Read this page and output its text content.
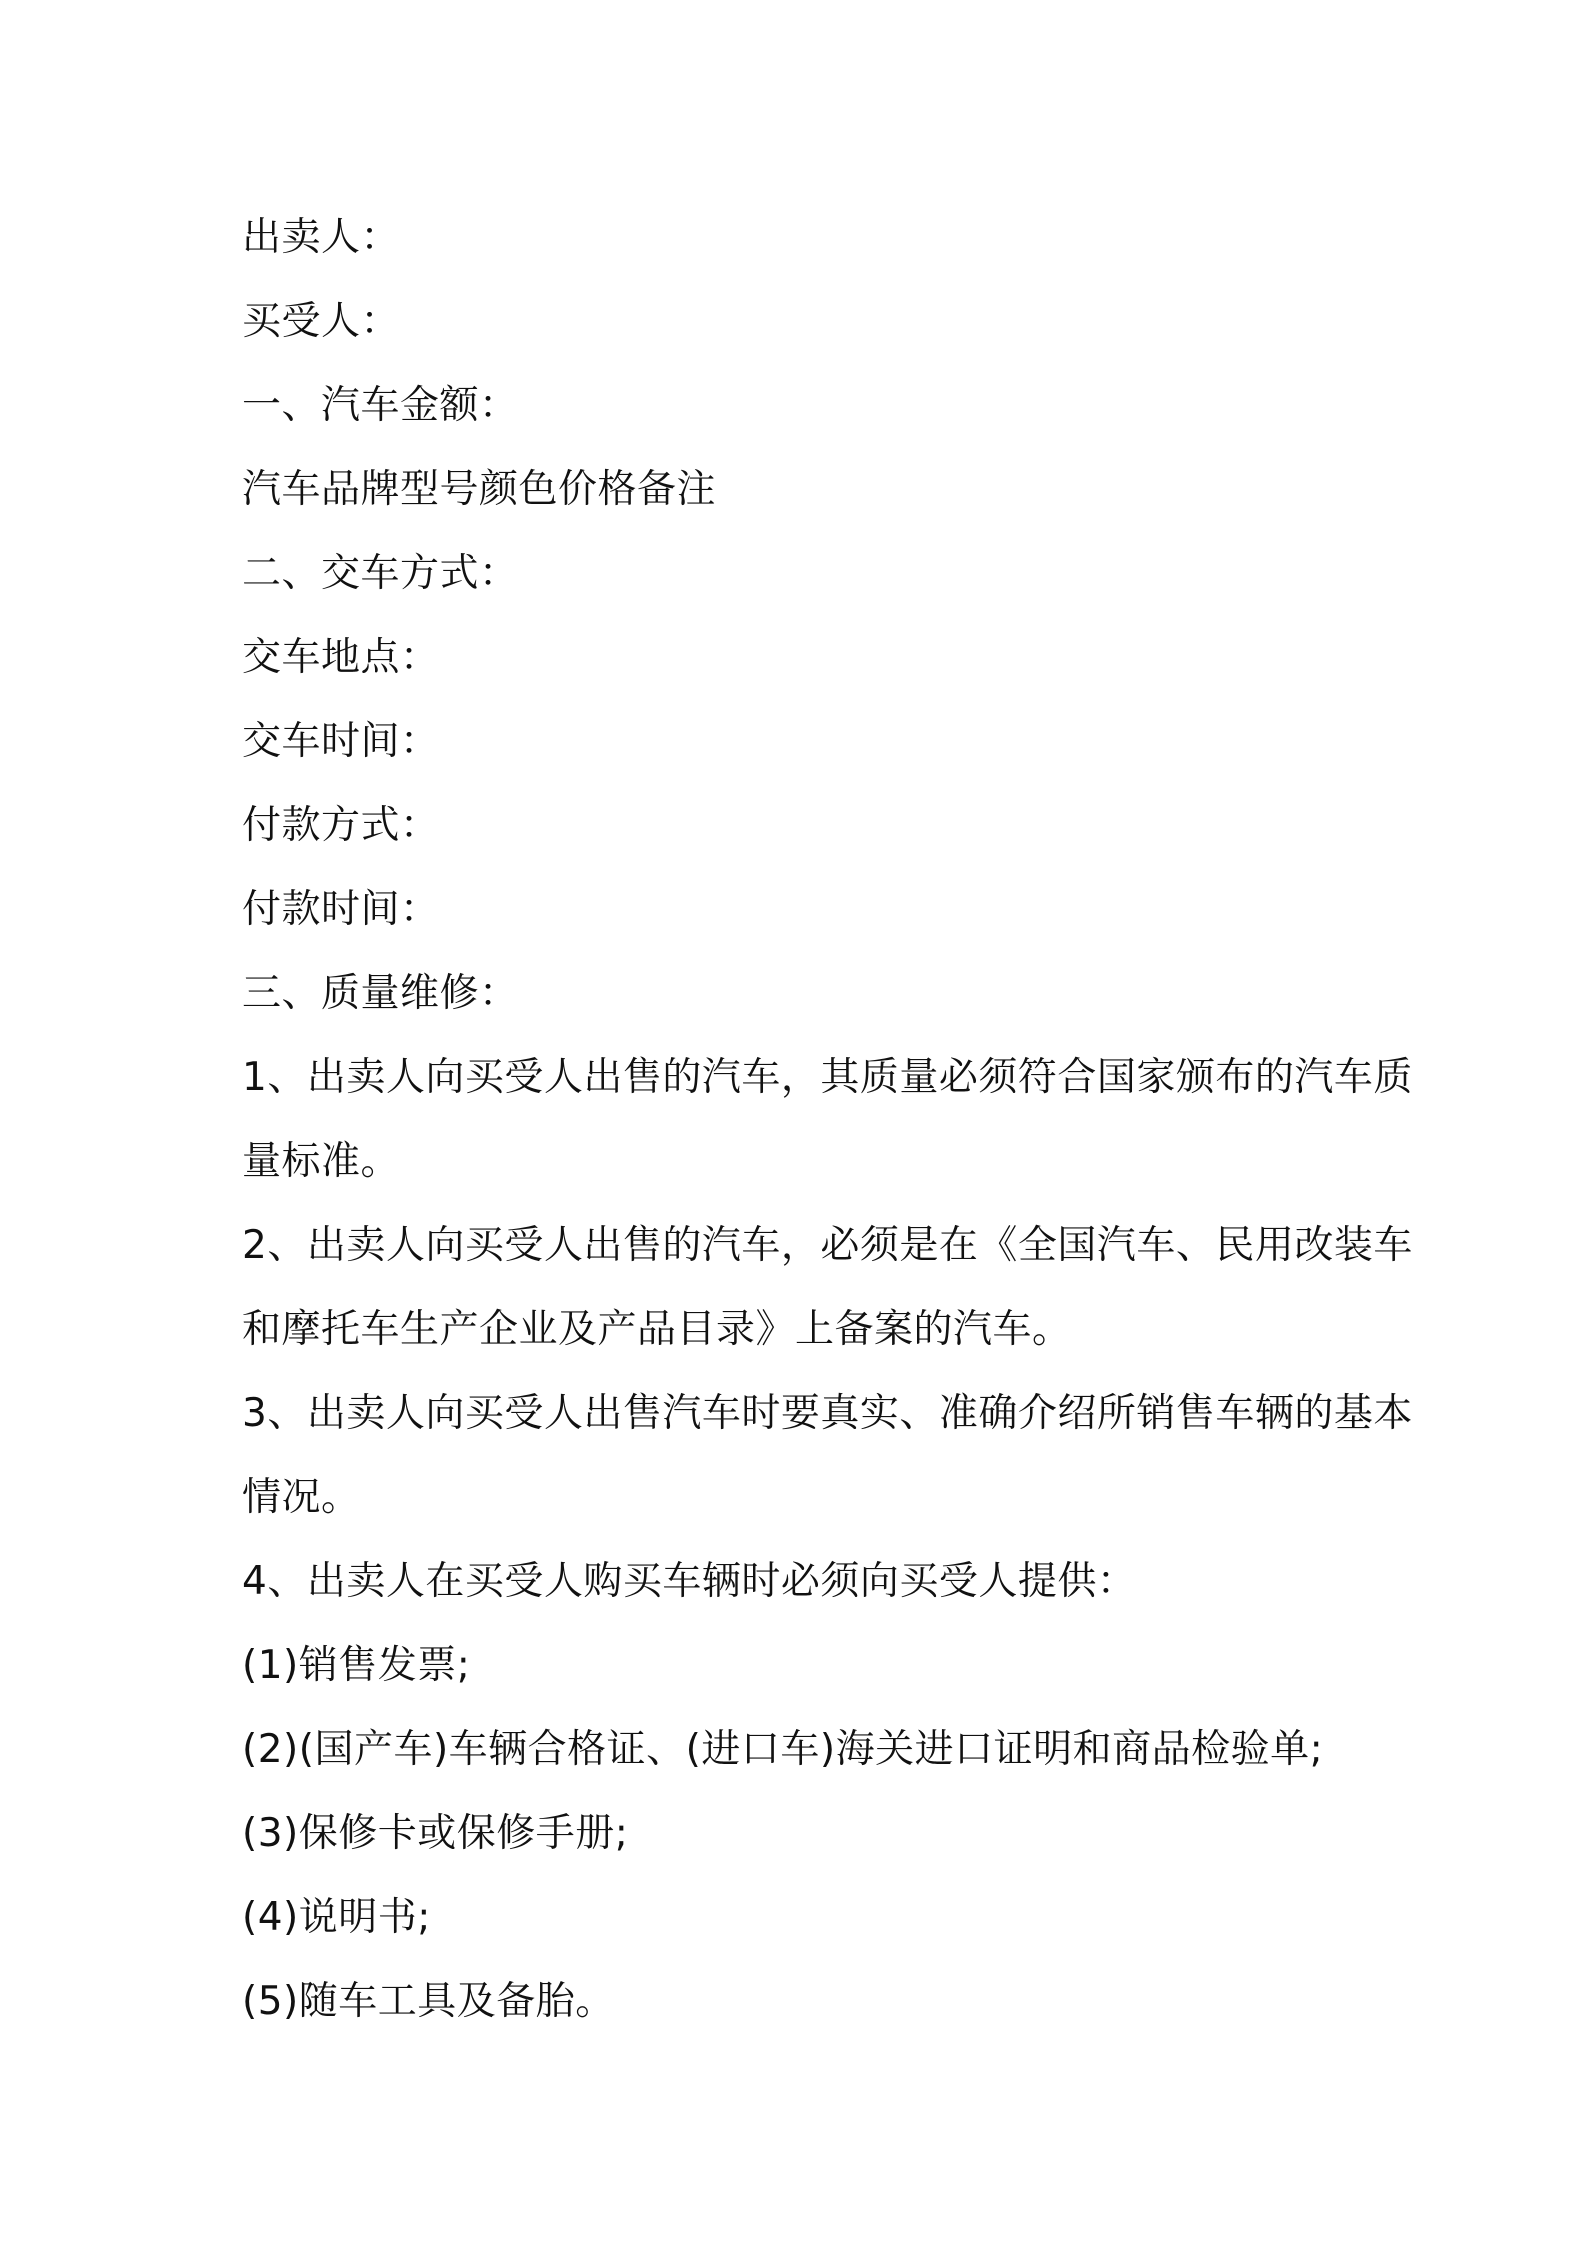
出卖人：
买受人：
一、汽车金额：
汽车品牌型号颜色价格备注
二、交车方式：
交车地点：
交车时间：
付款方式：
付款时间：
三、质量维修：
1、出卖人向买受人出售的汽车，其质量必须符合国家颁布的汽车质
量标准。
2、出卖人向买受人出售的汽车，必须是在《全国汽车、民用改装车
和摩托车生产企业及产品目录》上备案的汽车。
3、出卖人向买受人出售汽车时要真实、准确介绍所销售车辆的基本
情况。
4、出卖人在买受人购买车辆时必须向买受人提供：
(1)销售发票;
(2)(国产车)车辆合格证、(进口车)海关进口证明和商品检验单;
(3)保修卡或保修手册;
(4)说明书;
(5)随车工具及备胎。
